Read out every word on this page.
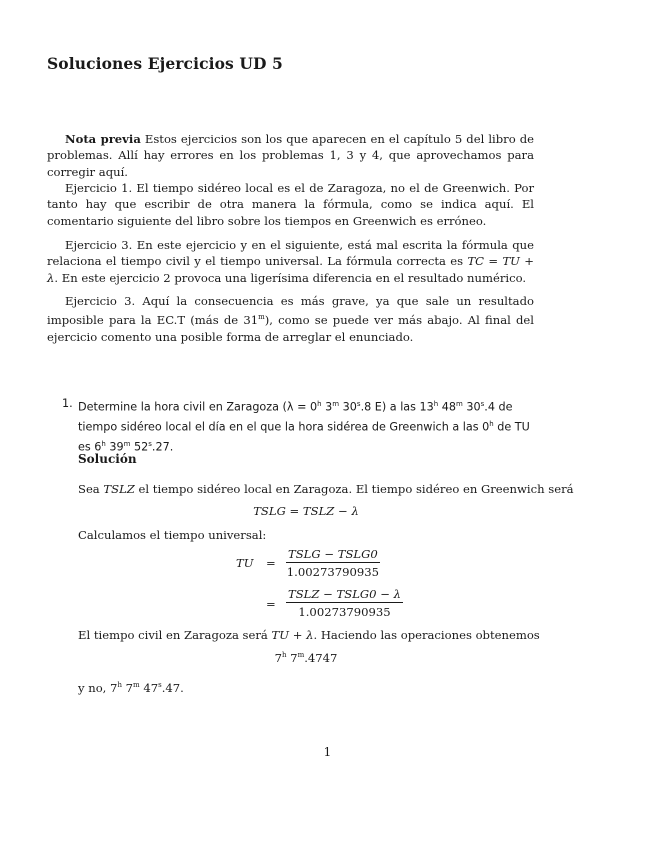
Soluciones Ejercicios UD 5

Nota previa Estos ejercicios son los que aparecen en el capítulo 5 del libro de problemas. Allí hay errores en los problemas 1, 3 y 4, que aprovechamos para corregir aquí.

Ejercicio 1. El tiempo sidéreo local es el de Zaragoza, no el de Greenwich. Por tanto hay que escribir de otra manera la fórmula, como se indica aquí. El comentario siguiente del libro sobre los tiempos en Greenwich es erróneo.

Ejercicio 3. En este ejercicio y en el siguiente, está mal escrita la fórmula que relaciona el tiempo civil y el tiempo universal. La fórmula correcta es TC = TU + λ. En este ejercicio 2 provoca una ligerísima diferencia en el resultado numérico.

Ejercicio 3. Aquí la consecuencia es más grave, ya que sale un resultado imposible para la EC.T (más de 31$^m$), como se puede ver más abajo. Al final del ejercicio comento una posible forma de arreglar el enunciado.

1. Determine la hora civil en Zaragoza ($\lambda = 0^h$ 3$^m$ 30$^s$.8 E) a las 13$^h$ 48$^m$ 30$^s$.4 de tiempo sidéreo local el día en el que la hora sidérea de Greenwich a las 0$^h$ de TU es 6$^h$ 39$^m$ 52$^s$.27.
Solución
Sea TSLZ el tiempo sidéreo local en Zaragoza. El tiempo sidéreo en Greenwich será
TSLG = TSLZ − λ
Calculamos el tiempo universal:
TU =
TSLG − TSLG0
1.00273790935
=
TSLZ − TSLG0 − λ
1.00273790935
El tiempo civil en Zaragoza será TU + λ. Haciendo las operaciones obtenemos
7$^h$ 7$^m$.4747
y no, 7$^h$ 7$^m$ 47$^s$.47.
1
